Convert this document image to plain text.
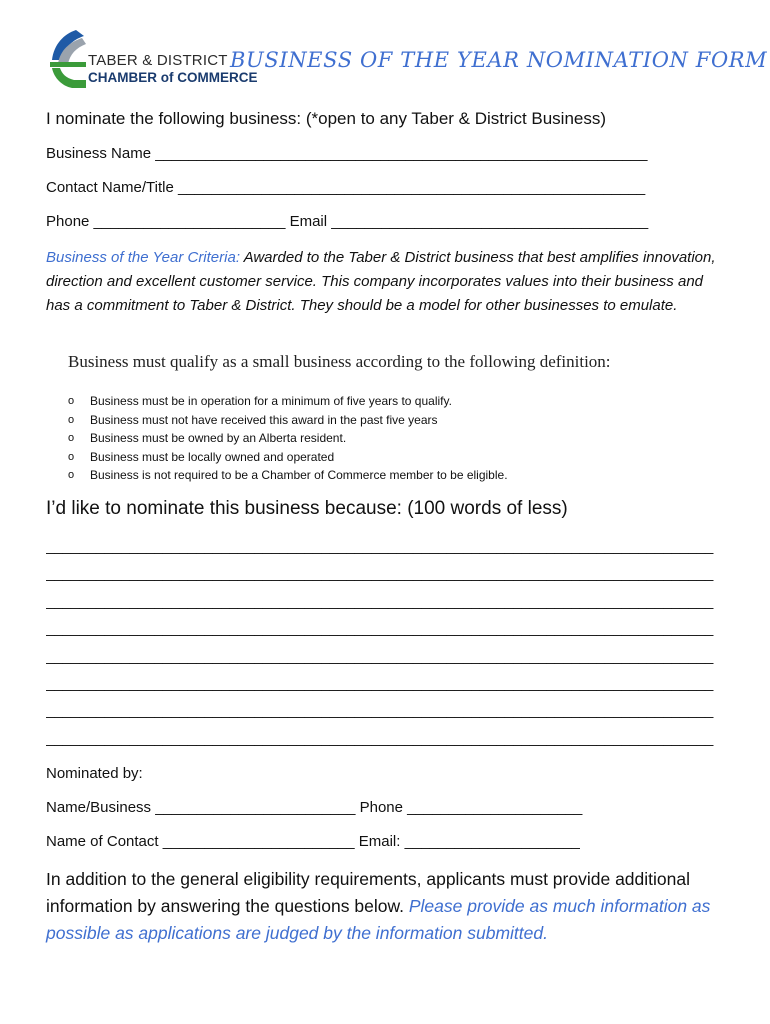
TABER & DISTRICT
CHAMBER of COMMERCE
BUSINESS OF THE YEAR NOMINATION FORM
I nominate the following business: (*open to any Taber & District Business)
Business Name ___________________________________________________________
Contact Name/Title ________________________________________________________
Phone _______________________ Email ______________________________________
Business of the Year Criteria: Awarded to the Taber & District business that best amplifies innovation, direction and excellent customer service. This company incorporates values into their business and has a commitment to Taber & District. They should be a model for other businesses to emulate.
Business must qualify as a small business according to the following definition:
o	Business must be in operation for a minimum of five years to qualify.
o	Business must not have received this award in the past five years
o	Business must be owned by an Alberta resident.
o	Business must be locally owned and operated
o	Business is not required to be a Chamber of Commerce member to be eligible.
I’d like to nominate this business because: (100 words of less)
________________________________________________________________________________
________________________________________________________________________________
________________________________________________________________________________
________________________________________________________________________________
________________________________________________________________________________
________________________________________________________________________________
________________________________________________________________________________
________________________________________________________________________________
Nominated by:
Name/Business ________________________ Phone _____________________
Name of Contact _______________________ Email: _____________________
In addition to the general eligibility requirements, applicants must provide additional information by answering the questions below. Please provide as much information as possible as applications are judged by the information submitted.
